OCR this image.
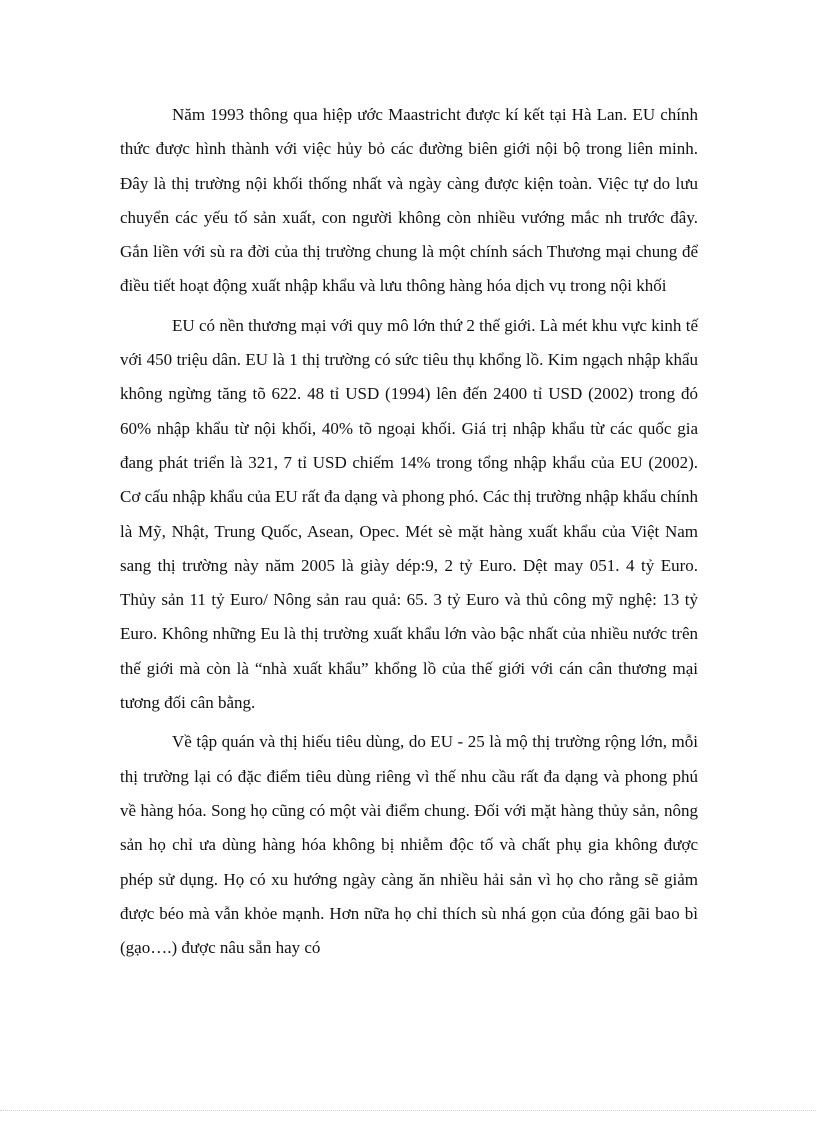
Năm 1993 thông qua hiệp ước Maastricht được kí kết tại Hà Lan. EU chính thức được hình thành với việc hủy bỏ các đường biên giới nội bộ trong liên minh. Đây là thị trường nội khối thống nhất và ngày càng được kiện toàn. Việc tự do lưu chuyển các yếu tố sản xuất, con người không còn nhiều vướng mắc nh trước đây. Gắn liền với sù ra đời của thị trường chung là một chính sách Thương mại chung để điều tiết hoạt động xuất nhập khẩu và lưu thông hàng hóa dịch vụ trong nội khối

EU có nền thương mại với quy mô lớn thứ 2 thế giới. Là mét khu vực kinh tế với 450 triệu dân. EU là 1 thị trường có sức tiêu thụ khổng lồ. Kim ngạch nhập khẩu không ngừng tăng tõ 622. 48 tỉ USD (1994) lên đến 2400 tỉ USD (2002) trong đó 60% nhập khẩu từ nội khối, 40% tõ ngoại khối. Giá trị nhập khẩu từ các quốc gia đang phát triển là 321, 7 tỉ USD chiếm 14% trong tổng nhập khẩu của EU (2002). Cơ cấu nhập khẩu của EU rất đa dạng và phong phó. Các thị trường nhập khẩu chính là Mỹ, Nhật, Trung Quốc, Asean, Opec. Mét sè mặt hàng xuất khẩu của Việt Nam sang thị trường này năm 2005 là giày dép:9, 2 tỷ Euro. Dệt may 051. 4 tỷ Euro. Thủy sản 11 tỷ Euro/ Nông sản rau quả: 65. 3 tỷ Euro và thủ công mỹ nghệ: 13 tỷ Euro. Không những Eu là thị trường xuất khẩu lớn vào bậc nhất của nhiều nước trên thế giới mà còn là “nhà xuất khẩu” khổng lồ của thế giới với cán cân thương mại tương đối cân bằng.

Về tập quán và thị hiếu tiêu dùng, do EU - 25 là mộ thị trường rộng lớn, mỗi thị trường lại có đặc điểm tiêu dùng riêng vì thế nhu cầu rất đa dạng và phong phú về hàng hóa. Song họ cũng có một vài điểm chung. Đối với mặt hàng thủy sản, nông sản họ chỉ ưa dùng hàng hóa không bị nhiễm độc tố và chất phụ gia không được phép sử dụng. Họ có xu hướng ngày càng ăn nhiều hải sản vì họ cho rằng sẽ giảm được béo mà vẫn khỏe mạnh. Hơn nữa họ chỉ thích sù nhá gọn của đóng gãi bao bì (gạo….) được nâu sẵn hay có
